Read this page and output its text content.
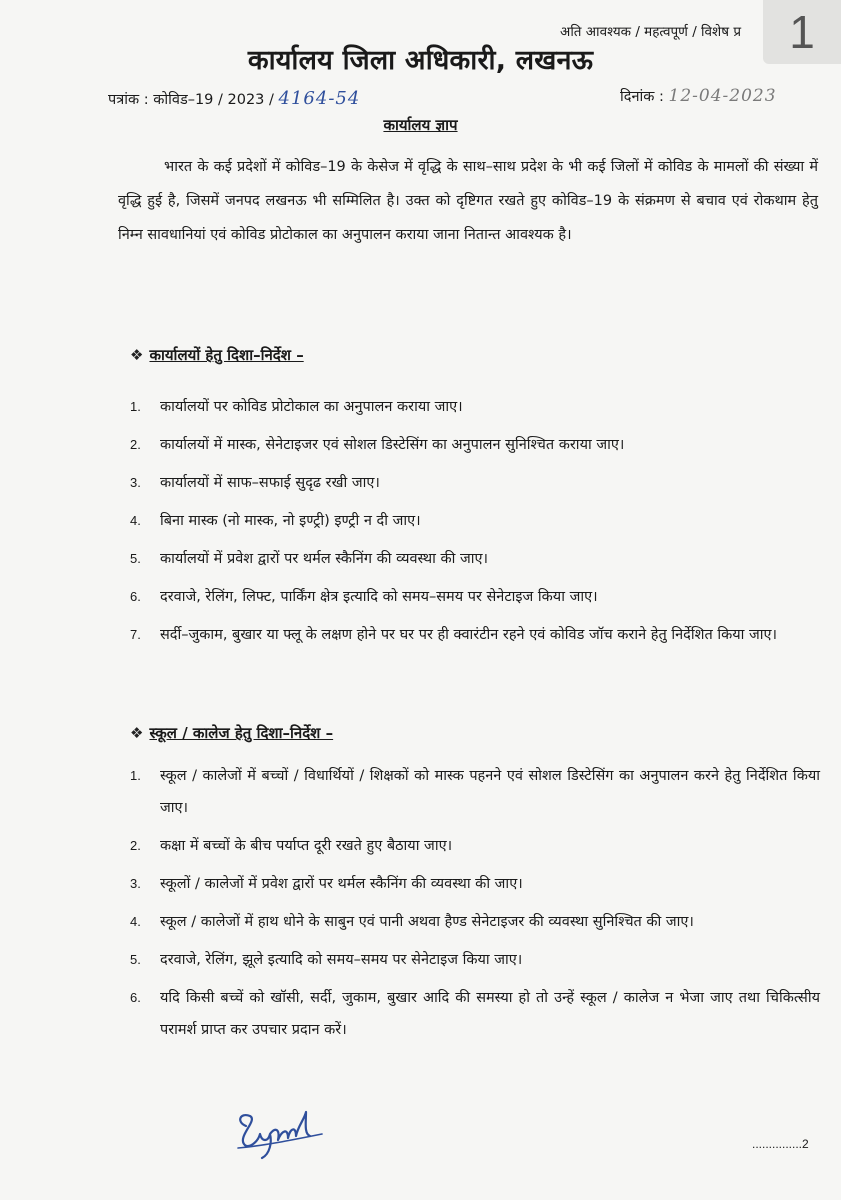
1
अति आवश्यक / महत्वपूर्ण / विशेष प्र
कार्यालय जिला अधिकारी, लखनऊ
पत्रांक : कोविड–19 / 2023 / 4164-54	दिनांक : 12-04-2023
कार्यालय ज्ञाप

भारत के कई प्रदेशों में कोविड–19 के केसेज में वृद्धि के साथ–साथ प्रदेश के भी कई जिलों में कोविड के मामलों की संख्या में वृद्धि हुई है, जिसमें जनपद लखनऊ भी सम्मिलित है। उक्त को दृष्टिगत रखते हुए कोविड–19 के संक्रमण से बचाव एवं रोकथाम हेतु निम्न सावधानियां एवं कोविड प्रोटोकाल का अनुपालन कराया जाना नितान्त आवश्यक है।

❖ कार्यालयों हेतु दिशा–निर्देश –
1.	कार्यालयों पर कोविड प्रोटोकाल का अनुपालन कराया जाए।
2.	कार्यालयों में मास्क, सेनेटाइजर एवं सोशल डिस्टेसिंग का अनुपालन सुनिश्चित कराया जाए।
3.	कार्यालयों में साफ–सफाई सुदृढ रखी जाए।
4.	बिना मास्क (नो मास्क, नो इण्ट्री) इण्ट्री न दी जाए।
5.	कार्यालयों में प्रवेश द्वारों पर थर्मल स्कैनिंग की व्यवस्था की जाए।
6.	दरवाजे, रेलिंग, लिफ्ट, पार्किंग क्षेत्र इत्यादि को समय–समय पर सेनेटाइज किया जाए।
7.	सर्दी–जुकाम, बुखार या फ्लू के लक्षण होने पर घर पर ही क्वारंटीन रहने एवं कोविड जॉच कराने हेतु निर्देशित किया जाए।
❖ स्कूल / कालेज हेतु दिशा–निर्देश –
1.	स्कूल / कालेजों में बच्चों / विधार्थियों / शिक्षकों को मास्क पहनने एवं सोशल डिस्टेसिंग का अनुपालन करने हेतु निर्देशित किया जाए।
2.	कक्षा में बच्चों के बीच पर्याप्त दूरी रखते हुए बैठाया जाए।
3.	स्कूलों / कालेजों में प्रवेश द्वारों पर थर्मल स्कैनिंग की व्यवस्था की जाए।
4.	स्कूल / कालेजों में हाथ धोने के साबुन एवं पानी अथवा हैण्ड सेनेटाइजर की व्यवस्था सुनिश्चित की जाए।
5.	दरवाजे, रेलिंग, झूले इत्यादि को समय–समय पर सेनेटाइज किया जाए।
6.	यदि किसी बच्चें को खॉसी, सर्दी, जुकाम, बुखार आदि की समस्या हो तो उन्हें स्कूल / कालेज न भेजा जाए तथा चिकित्सीय परामर्श प्राप्त कर उपचार प्रदान करें।
...............2
